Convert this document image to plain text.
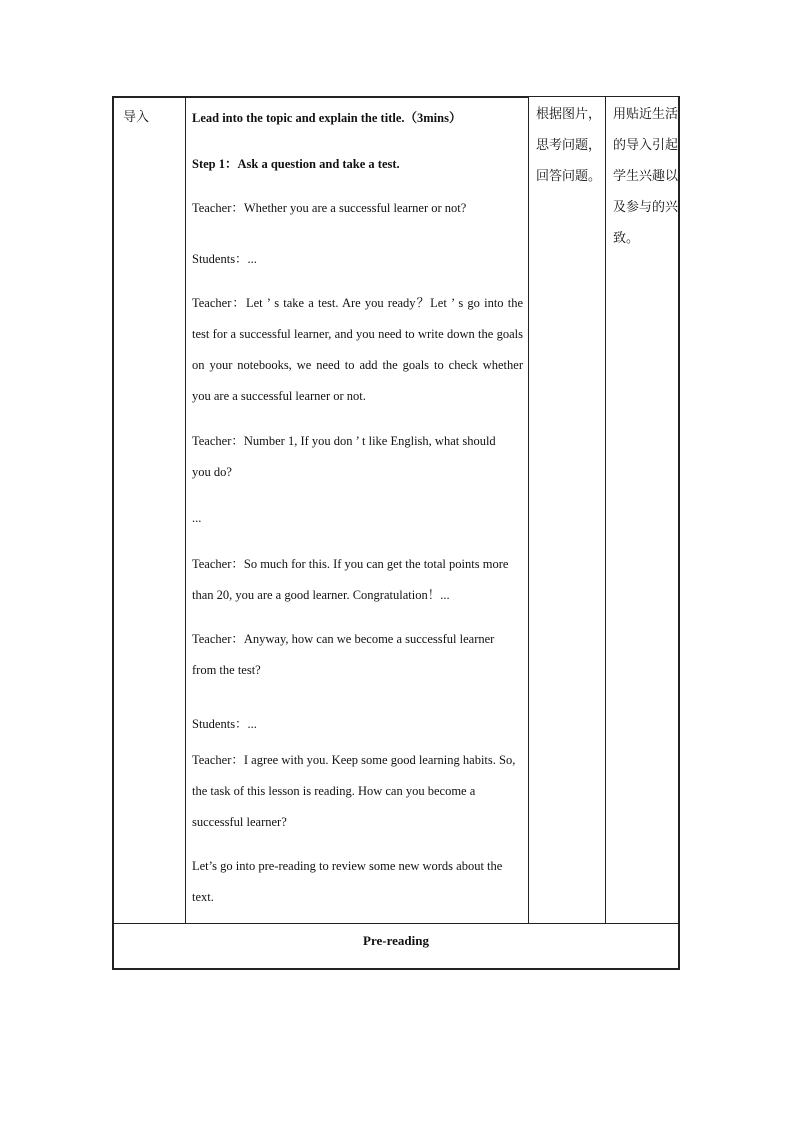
导入	Lead into the topic and explain the title.（3mins）

Step 1：Ask a question and take a test.

Teacher：Whether you are a successful learner or not?

Students：...

Teacher：Let ’ s take a test. Are you ready？Let ’ s go into the test for a successful learner, and you need to write down the goals on your notebooks, we need to add the goals to check whether you are a successful learner or not.

Teacher：Number 1, If you don ’ t like English, what should you do?

...

Teacher：So much for this. If you can get the total points more than 20, you are a good learner. Congratulation！...

Teacher：Anyway, how can we become a successful learner from the test?

Students：...

Teacher：I agree with you. Keep some good learning habits. So, the task of this lesson is reading. How can you become a successful learner?

Let’s go into pre-reading to review some new words about the text.

根据图片，思考问题，回答问题。
用贴近生活的导入引起学生兴趣以及参与的兴致。
Pre-reading
